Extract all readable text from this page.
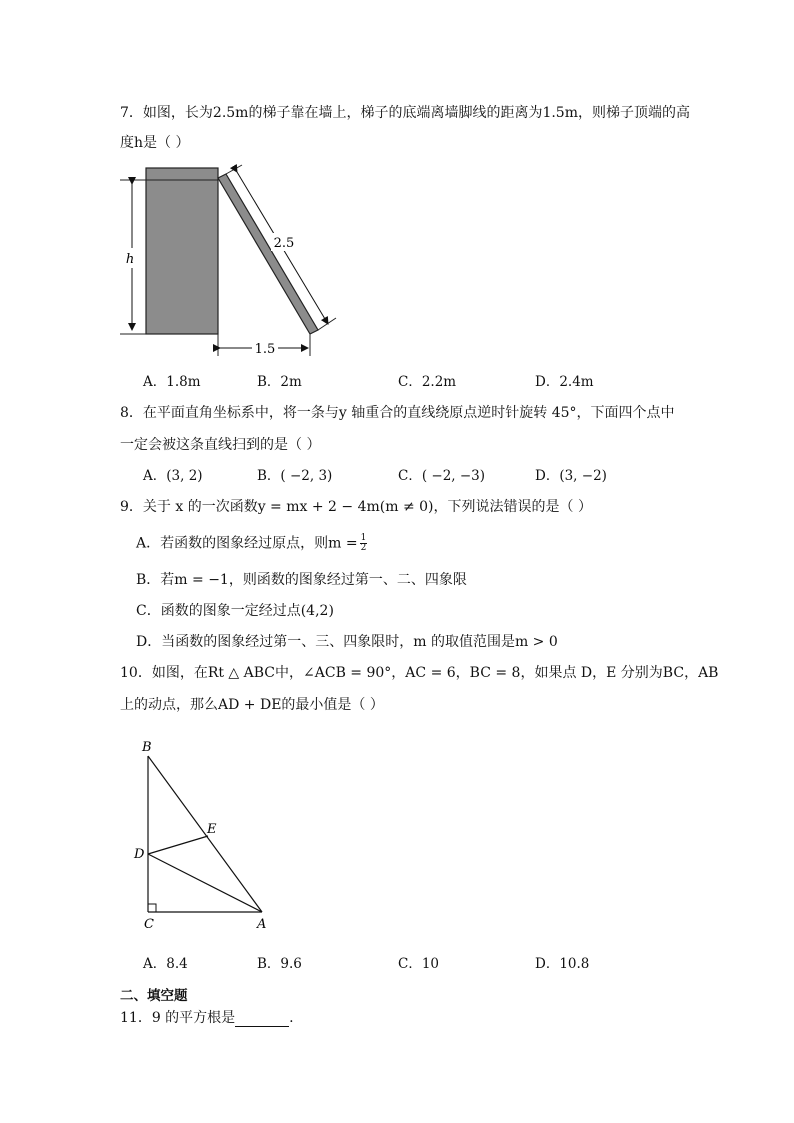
7．如图，长为2.5m的梯子靠在墙上，梯子的底端离墙脚线的距离为1.5m，则梯子顶端的高
度h是（ ）
h
2.5
1.5
A．1.8m	B．2m	C．2.2m	D．2.4m
8．在平面直角坐标系中，将一条与y 轴重合的直线绕原点逆时针旋转 45°，下面四个点中
一定会被这条直线扫到的是（ ）
A．(3, 2)	B．( −2, 3)	C．( −2, −3)	D．(3, −2)
9．关于 x 的一次函数y = mx + 2 − 4m(m ≠ 0)，下列说法错误的是（ ）
A．若函数的图象经过原点，则$m = \frac{1}{2}$
B．若m = −1，则函数的图象经过第一、二、四象限
C．函数的图象一定经过点(4,2)
D．当函数的图象经过第一、三、四象限时，m 的取值范围是m > 0
10．如图，在Rt △ ABC中，∠ACB = 90°，AC = 6，BC = 8，如果点 D，E 分别为BC，AB
上的动点，那么AD + DE的最小值是（ ）
B
E
D
C	A
A．8.4	B．9.6	C．10	D．10.8
二、填空题
11．9 的平方根是	.
